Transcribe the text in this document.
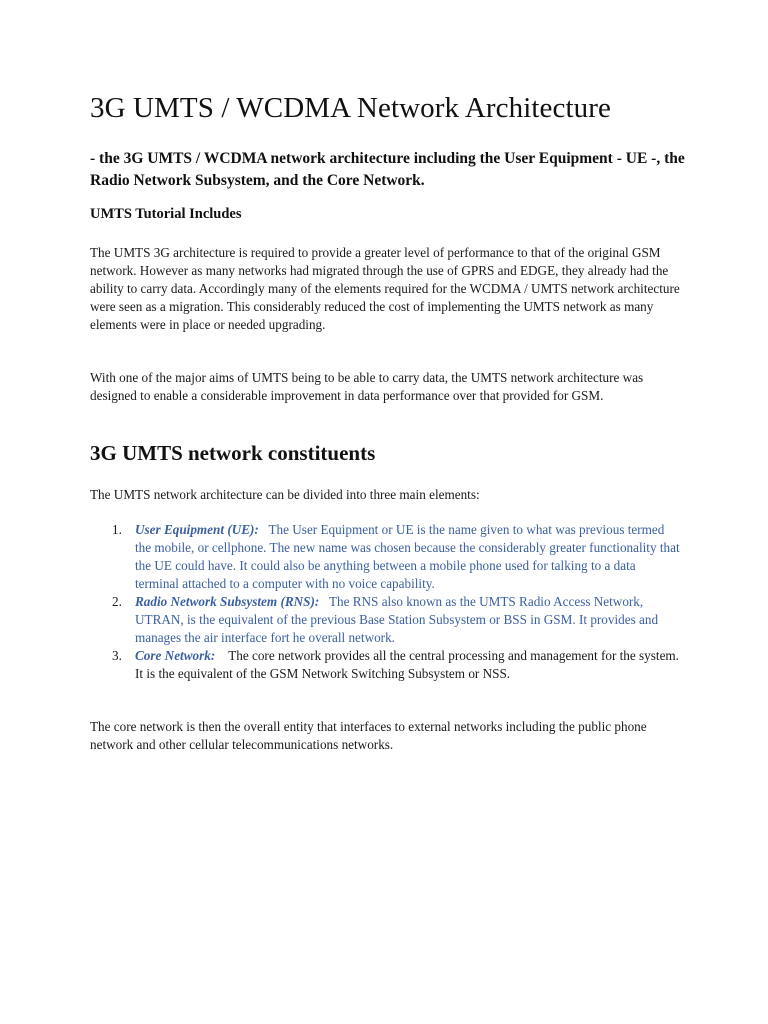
3G UMTS / WCDMA Network Architecture

- the 3G UMTS / WCDMA network architecture including the User Equipment - UE -, the Radio Network Subsystem, and the Core Network.

UMTS Tutorial Includes

The UMTS 3G architecture is required to provide a greater level of performance to that of the original GSM network. However as many networks had migrated through the use of GPRS and EDGE, they already had the ability to carry data. Accordingly many of the elements required for the WCDMA / UMTS network architecture were seen as a migration. This considerably reduced the cost of implementing the UMTS network as many elements were in place or needed upgrading.

With one of the major aims of UMTS being to be able to carry data, the UMTS network architecture was designed to enable a considerable improvement in data performance over that provided for GSM.

3G UMTS network constituents

The UMTS network architecture can be divided into three main elements:

1. User Equipment (UE): The User Equipment or UE is the name given to what was previous termed the mobile, or cellphone. The new name was chosen because the considerably greater functionality that the UE could have. It could also be anything between a mobile phone used for talking to a data terminal attached to a computer with no voice capability.
2. Radio Network Subsystem (RNS): The RNS also known as the UMTS Radio Access Network, UTRAN, is the equivalent of the previous Base Station Subsystem or BSS in GSM. It provides and manages the air interface fort he overall network.
3. Core Network: The core network provides all the central processing and management for the system. It is the equivalent of the GSM Network Switching Subsystem or NSS.

The core network is then the overall entity that interfaces to external networks including the public phone network and other cellular telecommunications networks.
